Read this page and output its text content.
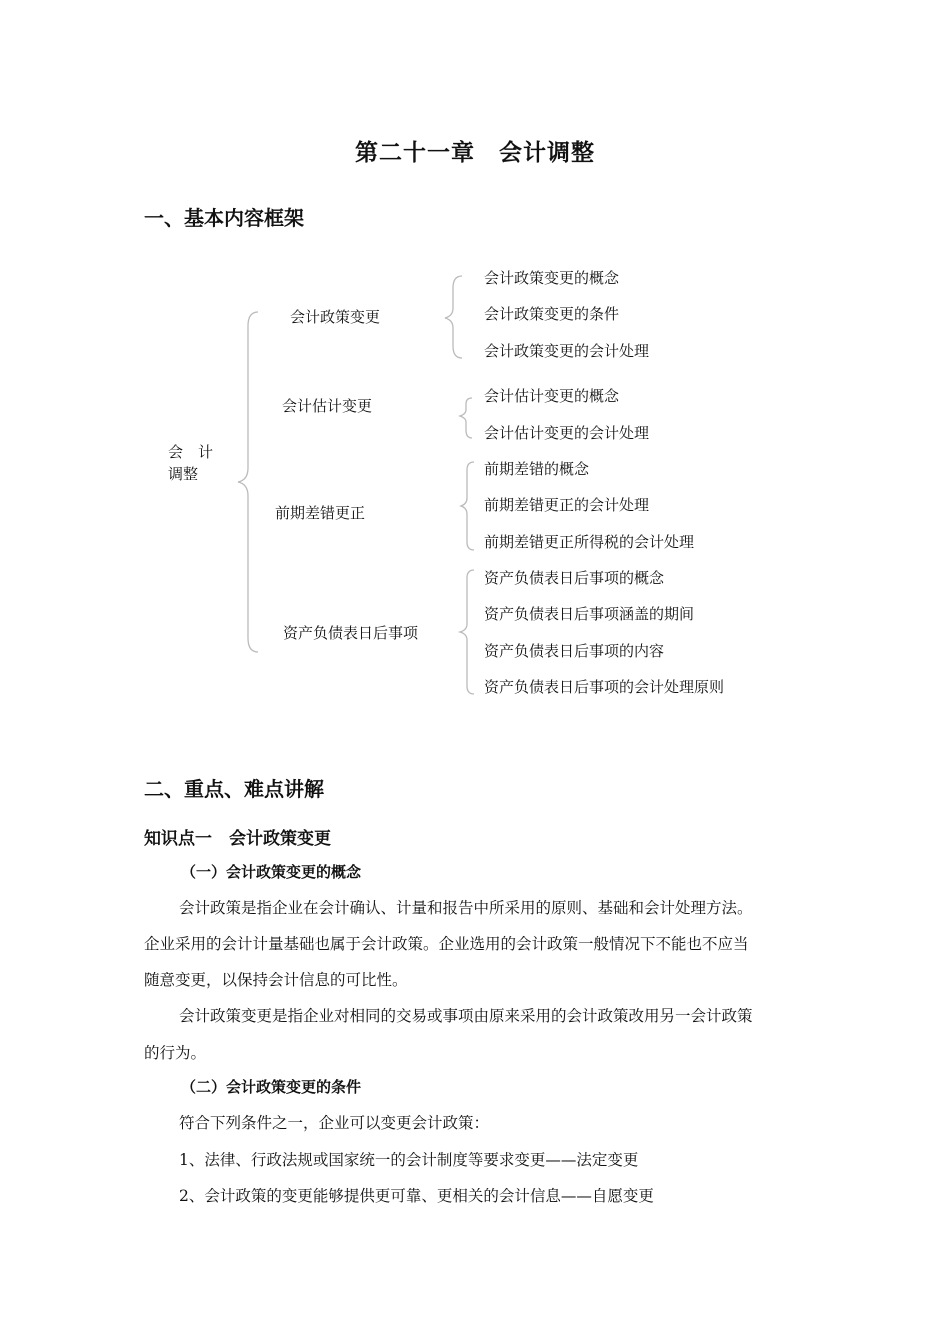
第二十一章　会计调整
一、基本内容框架
会　计
调整
会计政策变更
会计估计变更
前期差错更正
资产负债表日后事项
会计政策变更的概念
会计政策变更的条件
会计政策变更的会计处理
会计估计变更的概念
会计估计变更的会计处理
前期差错的概念
前期差错更正的会计处理
前期差错更正所得税的会计处理
资产负债表日后事项的概念
资产负债表日后事项涵盖的期间
资产负债表日后事项的内容
资产负债表日后事项的会计处理原则
二、重点、难点讲解
知识点一　会计政策变更
（一）会计政策变更的概念
会计政策是指企业在会计确认、计量和报告中所采用的原则、基础和会计处理方法。
企业采用的会计计量基础也属于会计政策。企业选用的会计政策一般情况下不能也不应当
随意变更，以保持会计信息的可比性。
会计政策变更是指企业对相同的交易或事项由原来采用的会计政策改用另一会计政策
的行为。
（二）会计政策变更的条件
符合下列条件之一，企业可以变更会计政策：
1、法律、行政法规或国家统一的会计制度等要求变更——法定变更
2、会计政策的变更能够提供更可靠、更相关的会计信息——自愿变更
